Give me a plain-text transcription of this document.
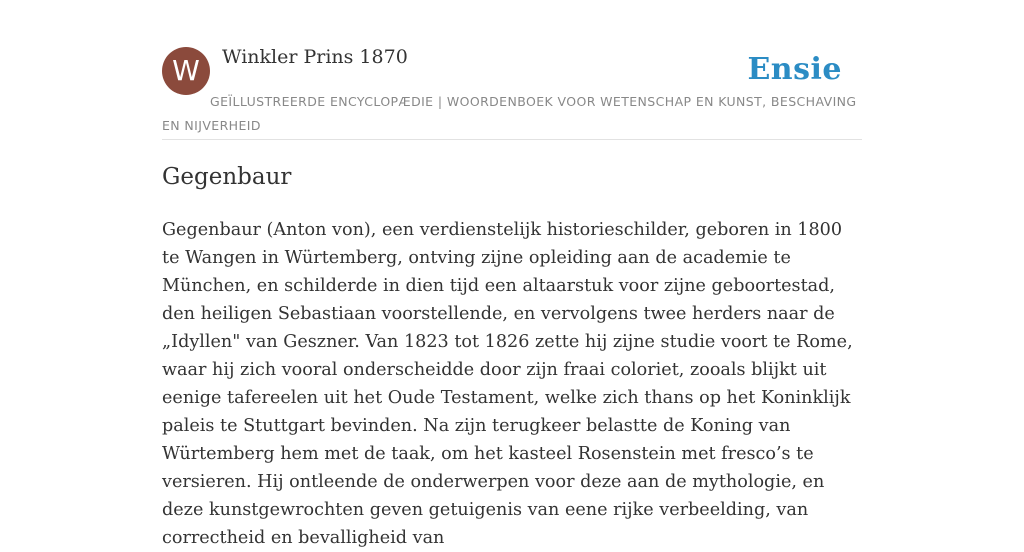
W Winkler Prins 1870	Ensie
GEÏLLUSTREERDE ENCYCLOPÆDIE | WOORDENBOEK VOOR WETENSCHAP EN KUNST, BESCHAVING EN NIJVERHEID
Gegenbaur

Gegenbaur (Anton von), een verdienstelijk historieschilder, geboren in 1800 te Wangen in Würtemberg, ontving zijne opleiding aan de academie te München, en schilderde in dien tijd een altaarstuk voor zijne geboortestad, den heiligen Sebastiaan voorstellende, en vervolgens twee herders naar de „Idyllen" van Geszner. Van 1823 tot 1826 zette hij zijne studie voort te Rome, waar hij zich vooral onderscheidde door zijn fraai coloriet, zooals blijkt uit eenige tafereelen uit het Oude Testament, welke zich thans op het Koninklijk paleis te Stuttgart bevinden. Na zijn terugkeer belastte de Koning van Würtemberg hem met de taak, om het kasteel Rosenstein met fresco’s te versieren. Hij ontleende de onderwerpen voor deze aan de mythologie, en deze kunstgewrochten geven getuigenis van eene rijke verbeelding, van correctheid en bevalligheid van
